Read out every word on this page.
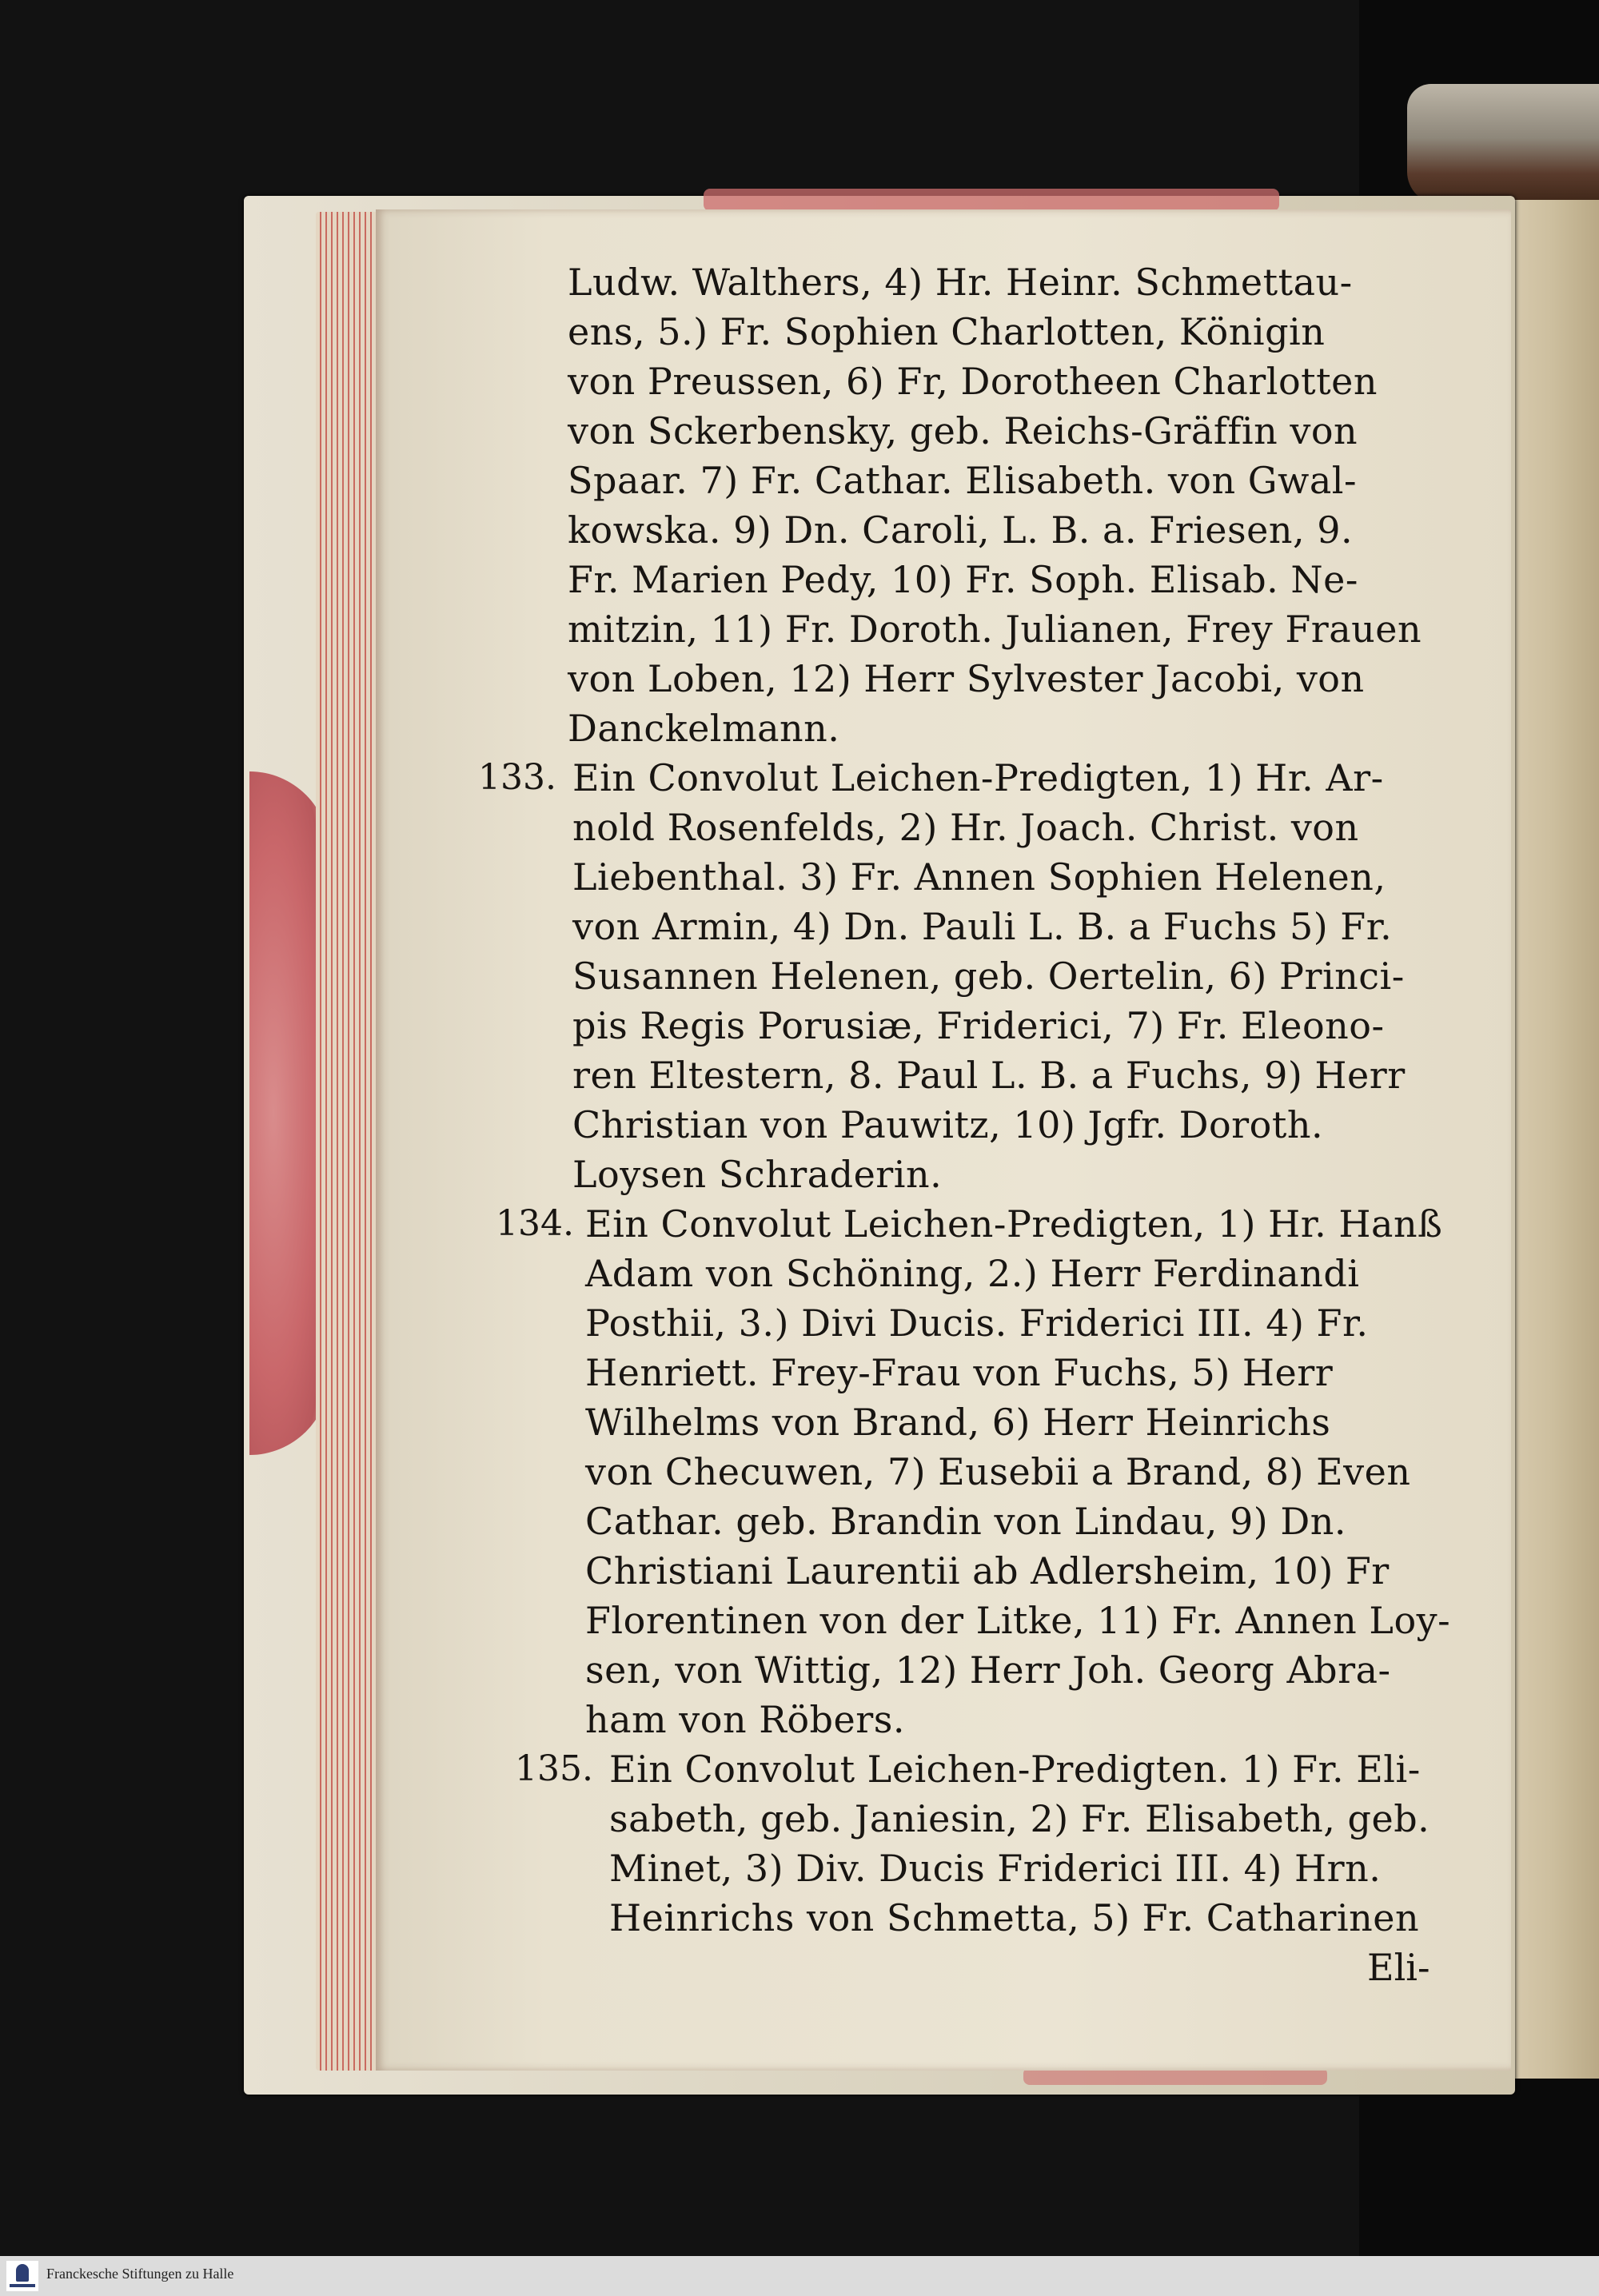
Ludw. Walthers, 4) Hr. Heinr. Schmettau-
ens, 5.) Fr. Sophien Charlotten, Königin
von Preussen, 6) Fr, Dorotheen Charlotten
von Sckerbensky, geb. Reichs-Gräffin von
Spaar. 7) Fr. Cathar. Elisabeth. von Gwal-
kowska. 9) Dn. Caroli, L. B. a. Friesen, 9.
Fr. Marien Pedy, 10) Fr. Soph. Elisab. Ne-
mitzin, 11) Fr. Doroth. Julianen, Frey Frauen
von Loben, 12) Herr Sylvester Jacobi, von
Danckelmann.
133. Ein Convolut Leichen-Predigten, 1) Hr. Ar-
nold Rosenfelds, 2) Hr. Joach. Christ. von
Liebenthal. 3) Fr. Annen Sophien Helenen,
von Armin, 4) Dn. Pauli L. B. a Fuchs 5) Fr.
Susannen Helenen, geb. Oertelin, 6) Princi-
pis Regis Porusiæ, Friderici, 7) Fr. Eleono-
ren Eltestern, 8. Paul L. B. a Fuchs, 9) Herr
Christian von Pauwitz, 10) Jgfr. Doroth.
Loysen Schraderin.
134. Ein Convolut Leichen-Predigten, 1) Hr. Hanß
Adam von Schöning, 2.) Herr Ferdinandi
Posthii, 3.) Divi Ducis. Friderici III. 4) Fr.
Henriett. Frey-Frau von Fuchs, 5) Herr
Wilhelms von Brand, 6) Herr Heinrichs
von Checuwen, 7) Eusebii a Brand, 8) Even
Cathar. geb. Brandin von Lindau, 9) Dn.
Christiani Laurentii ab Adlersheim, 10) Fr
Florentinen von der Litke, 11) Fr. Annen Loy-
sen, von Wittig, 12) Herr Joh. Georg Abra-
ham von Röbers.
135. Ein Convolut Leichen-Predigten. 1) Fr. Eli-
sabeth, geb. Janiesin, 2) Fr. Elisabeth, geb.
Minet, 3) Div. Ducis Friderici III. 4) Hrn.
Heinrichs von Schmetta, 5) Fr. Catharinen
Eli-
Franckesche Stiftungen zu Halle
